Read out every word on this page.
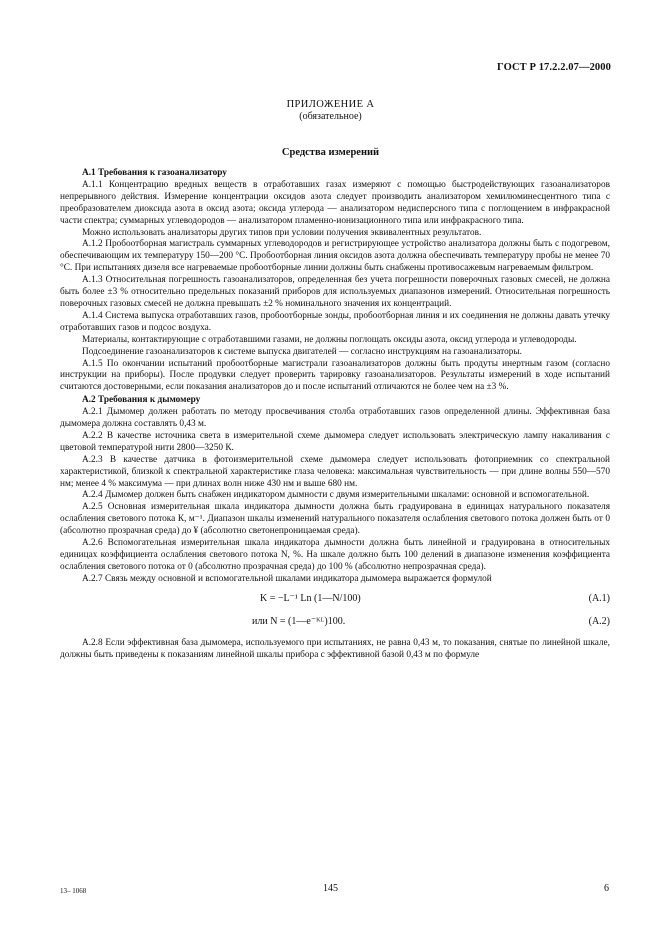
ГОСТ Р 17.2.2.07—2000
ПРИЛОЖЕНИЕ А
(обязательное)
Средства измерений
А.1 Требования к газоанализатору

А.1.1 Концентрацию вредных веществ в отработавших газах измеряют с помощью быстродействующих газоанализаторов непрерывного действия. Измерение концентрации оксидов азота следует производить анализатором хемилюминесцентного типа с преобразователем диоксида азота в оксид азота; оксида углерода — анализатором недисперсного типа с поглощением в инфракрасной части спектра; суммарных углеводородов — анализатором пламенно-ионизационного типа или инфракрасного типа.

Можно использовать анализаторы других типов при условии получения эквивалентных результатов.

А.1.2 Пробоотборная магистраль суммарных углеводородов и регистрирующее устройство анализатора должны быть с подогревом, обеспечивающим их температуру 150—200 °С. Пробоотборная линия оксидов азота должна обеспечивать температуру пробы не менее 70 °С. При испытаниях дизеля все нагреваемые пробоотборные линии должны быть снабжены противосажевым нагреваемым фильтром.

А.1.3 Относительная погрешность газоанализаторов, определенная без учета погрешности поверочных газовых смесей, не должна быть более ±3 % относительно предельных показаний приборов для используемых диапазонов измерений. Относительная погрешность поверочных газовых смесей не должна превышать ±2 % номинального значения их концентраций.

А.1.4 Система выпуска отработавших газов, пробоотборные зонды, пробоотборная линия и их соединения не должны давать утечку отработавших газов и подсос воздуха.

Материалы, контактирующие с отработавшими газами, не должны поглощать оксиды азота, оксид углерода и углеводороды.

Подсоединение газоанализаторов к системе выпуска двигателей — согласно инструкциям на газоанализаторы.

А.1.5 По окончании испытаний пробоотборные магистрали газоанализаторов должны быть продуты инертным газом (согласно инструкции на приборы). После продувки следует проверить тарировку газоанализаторов. Результаты измерений в ходе испытаний считаются достоверными, если показания анализаторов до и после испытаний отличаются не более чем на ±3 %.

А.2 Требования к дымомеру

А.2.1 Дымомер должен работать по методу просвечивания столба отработавших газов определенной длины. Эффективная база дымомера должна составлять 0,43 м.

А.2.2 В качестве источника света в измерительной схеме дымомера следует использовать электрическую лампу накаливания с цветовой температурой нити 2800—3250 К.

А.2.3 В качестве датчика в фотоизмерительной схеме дымомера следует использовать фотоприемник со спектральной характеристикой, близкой к спектральной характеристике глаза человека: максимальная чувствительность — при длине волны 550—570 нм; менее 4 % максимума — при длинах волн ниже 430 нм и выше 680 нм.

А.2.4 Дымомер должен быть снабжен индикатором дымности с двумя измерительными шкалами: основной и вспомогательной.

А.2.5 Основная измерительная шкала индикатора дымности должна быть градуирована в единицах натурального показателя ослабления светового потока К, м⁻¹. Диапазон шкалы изменений натурального показателя ослабления светового потока должен быть от 0 (абсолютно прозрачная среда) до ¥ (абсолютно светонепроницаемая среда).

А.2.6 Вспомогательная измерительная шкала индикатора дымности должна быть линейной и градуирована в относительных единицах коэффициента ослабления светового потока N, %. На шкале должно быть 100 делений в диапазоне изменения коэффициента ослабления светового потока от 0 (абсолютно прозрачная среда) до 100 % (абсолютно непрозрачная среда).

А.2.7 Связь между основной и вспомогательной шкалами индикатора дымомера выражается формулой

K = −L⁻¹ Ln (1—N/100)	(А.1)
или N = (1—e⁻ᴷᴸ)100.	(А.2)

А.2.8 Если эффективная база дымомера, используемого при испытаниях, не равна 0,43 м, то показания, снятые по линейной шкале, должны быть приведены к показаниям линейной шкалы прибора с эффективной базой 0,43 м по формуле

13– 1068	145	6
